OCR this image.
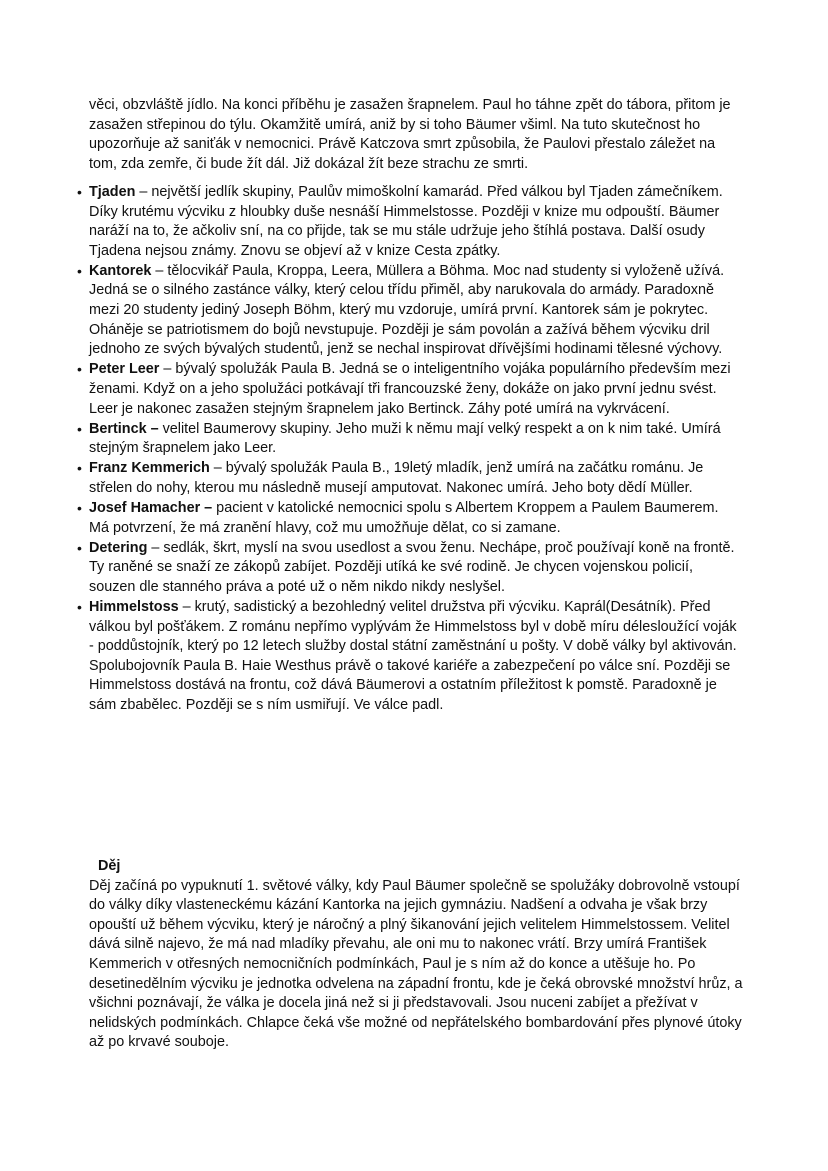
věci, obzvláště jídlo. Na konci příběhu je zasažen šrapnelem. Paul ho táhne zpět do tábora, přitom je zasažen střepinou do týlu. Okamžitě umírá, aniž by si toho Bäumer všiml. Na tuto skutečnost ho upozorňuje až saniťák v nemocnici. Právě Katczova smrt způsobila, že Paulovi přestalo záležet na tom, zda zemře, či bude žít dál. Již dokázal žít beze strachu ze smrti.

• Tjaden – největší jedlík skupiny, Paulův mimoškolní kamarád. Před válkou byl Tjaden zámečníkem. Díky krutému výcviku z hloubky duše nesnáší Himmelstosse. Později v knize mu odpouští. Bäumer naráží na to, že ačkoliv sní, na co přijde, tak se mu stále udržuje jeho štíhlá postava. Další osudy Tjadena nejsou známy. Znovu se objeví až v knize Cesta zpátky.
• Kantorek – tělocvikář Paula, Kroppa, Leera, Müllera a Böhma. Moc nad studenty si vyloženě užívá. Jedná se o silného zastánce války, který celou třídu přiměl, aby narukovala do armády. Paradoxně mezi 20 studenty jediný Joseph Böhm, který mu vzdoruje, umírá první. Kantorek sám je pokrytec. Oháněje se patriotismem do bojů nevstupuje. Později je sám povolán a zažívá během výcviku dril jednoho ze svých bývalých studentů, jenž se nechal inspirovat dřívějšími hodinami tělesné výchovy.
• Peter Leer – bývalý spolužák Paula B. Jedná se o inteligentního vojáka populárního především mezi ženami. Když on a jeho spolužáci potkávají tři francouzské ženy, dokáže on jako první jednu svést. Leer je nakonec zasažen stejným šrapnelem jako Bertinck. Záhy poté umírá na vykrvácení.
• Bertinck – velitel Baumerovy skupiny. Jeho muži k němu mají velký respekt a on k nim také. Umírá stejným šrapnelem jako Leer.
• Franz Kemmerich – bývalý spolužák Paula B., 19letý mladík, jenž umírá na začátku románu. Je střelen do nohy, kterou mu následně musejí amputovat. Nakonec umírá. Jeho boty dědí Müller.
• Josef Hamacher – pacient v katolické nemocnici spolu s Albertem Kroppem a Paulem Baumerem. Má potvrzení, že má zranění hlavy, což mu umožňuje dělat, co si zamane.
• Detering – sedlák, škrt, myslí na svou usedlost a svou ženu. Nechápe, proč používají koně na frontě. Ty raněné se snaží ze zákopů zabíjet. Později utíká ke své rodině. Je chycen vojenskou policií, souzen dle stanného práva a poté už o něm nikdo nikdy neslyšel.
• Himmelstoss – krutý, sadistický a bezohledný velitel družstva při výcviku. Kaprál(Desátník). Před válkou byl pošťákem. Z románu nepřímo vyplývám že Himmelstoss byl v době míru délesloužící voják - poddůstojník, který po 12 letech služby dostal státní zaměstnání u pošty. V době války byl aktivován. Spolubojovník Paula B. Haie Westhus právě o takové kariéře a zabezpečení po válce sní. Později se Himmelstoss dostává na frontu, což dává Bäumerovi a ostatním příležitost k pomstě. Paradoxně je sám zbabělec. Později se s ním usmiřují. Ve válce padl.
Děj

Děj začíná po vypuknutí 1. světové války, kdy Paul Bäumer společně se spolužáky dobrovolně vstoupí do války díky vlasteneckému kázání Kantorka na jejich gymnáziu. Nadšení a odvaha je však brzy opouští už během výcviku, který je náročný a plný šikanování jejich velitelem Himmelstossem. Velitel dává silně najevo, že má nad mladíky převahu, ale oni mu to nakonec vrátí. Brzy umírá František Kemmerich v otřesných nemocničních podmínkách, Paul je s ním až do konce a utěšuje ho. Po desetinedělním výcviku je jednotka odvelena na západní frontu, kde je čeká obrovské množství hrůz, a všichni poznávají, že válka je docela jiná než si ji představovali. Jsou nuceni zabíjet a přežívat v nelidských podmínkách. Chlapce čeká vše možné od nepřátelského bombardování přes plynové útoky až po krvavé souboje.
